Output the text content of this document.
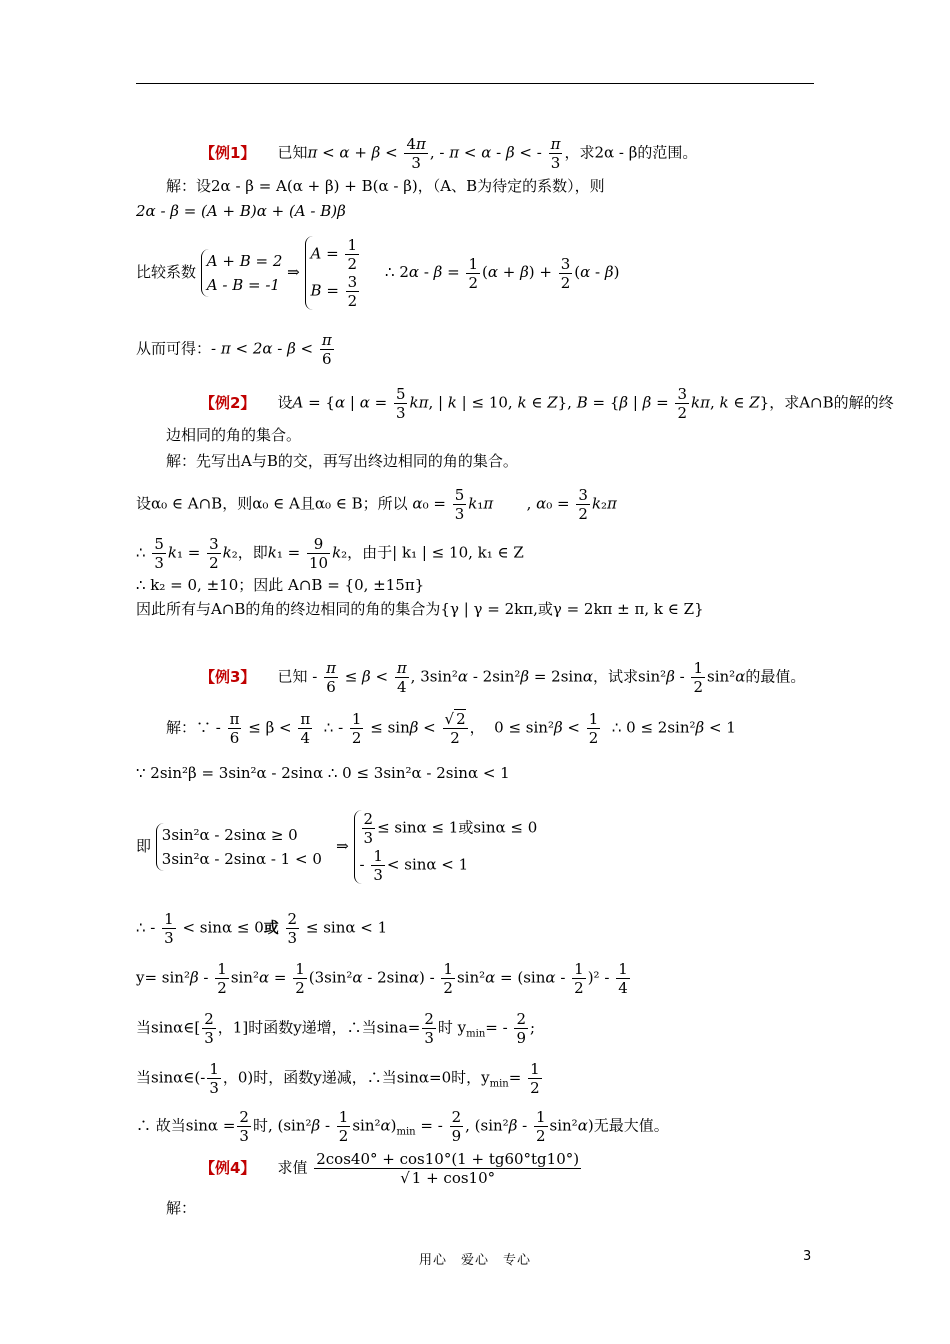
【例1】 已知$\pi < \alpha + \beta < \frac{4\pi}{3}$ , - π < α - β < - $\frac{\pi}{3}$ ，求2α - β的范围。
解：设2α - β = A(α + β) + B(α - β)，（A、B为待定的系数），则
2α - β = (A + B)α + (A - B)β
比较系数
A + B = 2
A - B = -1
⇒
$A = \frac{1}{2}$
$B = \frac{3}{2}$
∴ $2\alpha - \beta = \frac{1}{2} (\alpha + \beta) + \frac{3}{2} (\alpha - \beta)$
从而可得：- $\pi < 2\alpha - \beta < \frac{\pi}{6}$
【例2】 设A = {α | $\alpha = \frac{5}{3} k\pi$, | k | ≤ 10, k ∈ Z}, B = {β | $\beta = \frac{3}{2} k\pi$, k ∈ Z}，求A∩B的解的终
边相同的角的集合。
解：先写出A与B的交，再写出终边相同的角的集合。
设α₀ ∈ A∩B，则α₀ ∈ A且α₀ ∈ B；所以 $\alpha_0 = \frac{5}{3} k_1\pi$       , $\alpha_0 = \frac{3}{2} k_2\pi$
∴ $\frac{5}{3} k_1 = \frac{3}{2} k_2$，即$k_1 = \frac{9}{10} k_2$，由于| k₁ | ≤ 10, k₁ ∈ Z
∴ k₂ = 0, ±10；因此 A∩B = {0, ±15π}
因此所有与A∩B的角的终边相同的角的集合为{γ | γ = 2kπ,或γ = 2kπ ± π, k ∈ Z}
【例3】 已知 - $\frac{\pi}{6} \le \beta < \frac{\pi}{4}$ , 3sin²α - 2sin²β = 2sinα，试求$\sin^2\beta - \frac{1}{2} \sin^2\alpha$的最值。
解：∵ - $\frac{\pi}{6} \le \beta < \frac{\pi}{4}$ ∴ - $\frac{1}{2} \le \sin\beta < \frac{√ 2}{2}$ ，  $0 \le \sin^2\beta < \frac{1}{2}$ ∴ 0 ≤ 2sin²β < 1
∵ 2sin²β = 3sin²α - 2sinα ∴ 0 ≤ 3sin²α - 2sinα < 1
即
3sin²α - 2sinα ≥ 0
3sin²α - 2sinα - 1 < 0
⇒ $\frac{2}{3} \le \sin\alpha \le 1$或sinα ≤ 0
- $\frac{1}{3} < \sin\alpha < 1$
∴ - $\frac{1}{3} < \sin\alpha \le 0$或 $\frac{2}{3} \le \sin\alpha < 1$
$y= \sin^2\beta - \frac{1}{2} \sin^2\alpha = \frac{1}{2} (3\sin^2\alpha - 2\sin\alpha) - \frac{1}{2} \sin^2\alpha = (\sin\alpha - \frac{1}{2} )^2 - \frac{1}{4}$
当sinα∈[ $\frac{2}{3}$ ，1]时函数y递增，∴当$\sin a= \frac{2}{3}$ 时 $y_{min}= - \frac{2}{9}$ ;
当sinα∈(- $\frac{1}{3}$ ，0)时，函数y递减，∴当sinα=0时，$y_{min}= \frac{1}{2}$
∴ 故当$\sin\alpha = \frac{2}{3}$ 时, $(\sin^2\beta - \frac{1}{2} \sin^2\alpha)_{min}$ = - $\frac{2}{9}$ , $(\sin^2\beta - \frac{1}{2} \sin^2\alpha)$无最大值。
【例4】 求值 $\frac{2\cos 40^\circ + \cos 10^\circ(1 + tg60^\circ tg10^\circ)}{√ 1 + \cos 10^\circ}$
解：
用心　爱心　专心	3
